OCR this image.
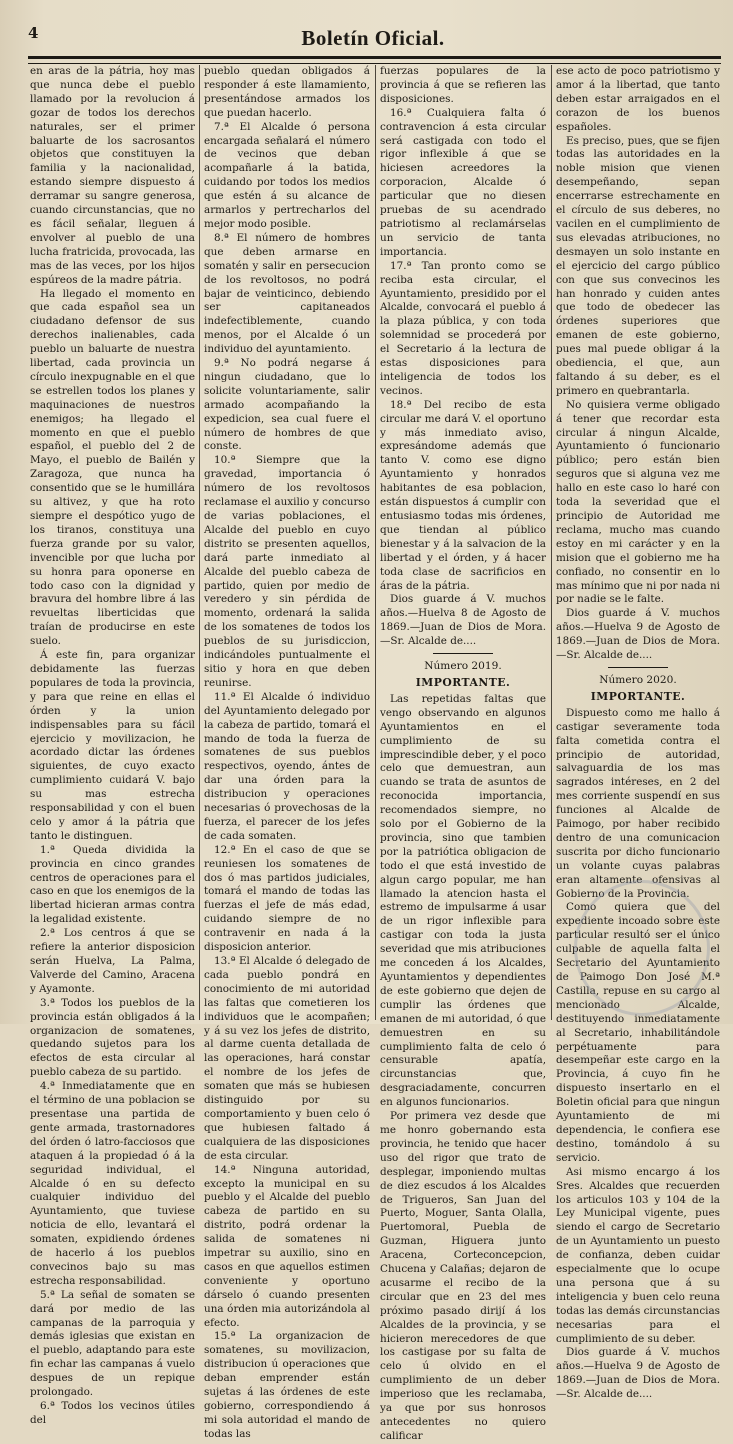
4	Boletín Oficial.

en aras de la pátria, hoy mas que nunca debe el pueblo llamado por la revolucion á gozar de todos los derechos naturales, ser el primer baluarte de los sacrosantos objetos que constituyen la familia y la nacionalidad, estando siempre dispuesto á derramar su sangre generosa, cuando circunstancias, que no es fácil señalar, lleguen á envolver al pueblo de una lucha fratricida, provocada, las mas de las veces, por los hijos espúreos de la madre pátria.

Ha llegado el momento en que cada español sea un ciudadano defensor de sus derechos inalienables, cada pueblo un baluarte de nuestra libertad, cada provincia un círculo inexpugnable en el que se estrellen todos los planes y maquinaciones de nuestros enemigos; ha llegado el momento en que el pueblo español, el pueblo del 2 de Mayo, el pueblo de Bailén y Zaragoza, que nunca ha consentido que se le humillára su altivez, y que ha roto siempre el despótico yugo de los tiranos, constituya una fuerza grande por su valor, invencible por que lucha por su honra para oponerse en todo caso con la dignidad y bravura del hombre libre á las revueltas liberticidas que traían de producirse en este suelo.

Á este fin, para organizar debidamente las fuerzas populares de toda la provincia, y para que reine en ellas el órden y la union indispensables para su fácil ejercicio y movilizacion, he acordado dictar las órdenes siguientes, de cuyo exacto cumplimiento cuidará V. bajo su mas estrecha responsabilidad y con el buen celo y amor á la pátria que tanto le distinguen.

1.ª Queda dividida la provincia en cinco grandes centros de operaciones para el caso en que los enemigos de la libertad hicieran armas contra la legalidad existente.

2.ª Los centros á que se refiere la anterior disposicion serán Huelva, La Palma, Valverde del Camino, Aracena y Ayamonte.

3.ª Todos los pueblos de la provincia están obligados á la organizacion de somatenes, quedando sujetos para los efectos de esta circular al pueblo cabeza de su partido.

4.ª Inmediatamente que en el término de una poblacion se presentase una partida de gente armada, trastornadores del órden ó latro-facciosos que ataquen á la propiedad ó á la seguridad individual, el Alcalde ó en su defecto cualquier individuo del Ayuntamiento, que tuviese noticia de ello, levantará el somaten, expidiendo órdenes de hacerlo á los pueblos convecinos bajo su mas estrecha responsabilidad.

5.ª La señal de somaten se dará por medio de las campanas de la parroquia y demás iglesias que existan en el pueblo, adaptando para este fin echar las campanas á vuelo despues de un repique prolongado.

6.ª Todos los vecinos útiles del

pueblo quedan obligados á responder á este llamamiento, presentándose armados los que puedan hacerlo.

7.ª El Alcalde ó persona encargada señalará el número de vecinos que deban acompañarle á la batida, cuidando por todos los medios que estén á su alcance de armarlos y pertrecharlos del mejor modo posible.

8.ª El número de hombres que deben armarse en somatén y salir en persecucion de los revoltosos, no podrá bajar de veinticinco, debiendo ser capitaneados indefectiblemente, cuando menos, por el Alcalde ó un individuo del ayuntamiento.

9.ª No podrá negarse á ningun ciudadano, que lo solicite voluntariamente, salir armado acompañando la expedicion, sea cual fuere el número de hombres de que conste.

10.ª Siempre que la gravedad, importancia ó número de los revoltosos reclamase el auxilio y concurso de varias poblaciones, el Alcalde del pueblo en cuyo distrito se presenten aquellos, dará parte inmediato al Alcalde del pueblo cabeza de partido, quien por medio de veredero y sin pérdida de momento, ordenará la salida de los somatenes de todos los pueblos de su jurisdiccion, indicándoles puntualmente el sitio y hora en que deben reunirse.

11.ª El Alcalde ó individuo del Ayuntamiento delegado por la cabeza de partido, tomará el mando de toda la fuerza de somatenes de sus pueblos respectivos, oyendo, ántes de dar una órden para la distribucion y operaciones necesarias ó provechosas de la fuerza, el parecer de los jefes de cada somaten.

12.ª En el caso de que se reuniesen los somatenes de dos ó mas partidos judiciales, tomará el mando de todas las fuerzas el jefe de más edad, cuidando siempre de no contravenir en nada á la disposicion anterior.

13.ª El Alcalde ó delegado de cada pueblo pondrá en conocimiento de mi autoridad las faltas que cometieren los individuos que le acompañen; y á su vez los jefes de distrito, al darme cuenta detallada de las operaciones, hará constar el nombre de los jefes de somaten que más se hubiesen distinguido por su comportamiento y buen celo ó que hubiesen faltado á cualquiera de las disposiciones de esta circular.

14.ª Ninguna autoridad, excepto la municipal en su pueblo y el Alcalde del pueblo cabeza de partido en su distrito, podrá ordenar la salida de somatenes ni impetrar su auxilio, sino en casos en que aquellos estimen conveniente y oportuno dárselo ó cuando presenten una órden mia autorizándola al efecto.

15.ª La organizacion de somatenes, su movilizacion, distribucion ú operaciones que deban emprender están sujetas á las órdenes de este gobierno, correspondiendo á mi sola autoridad el mando de todas las

fuerzas populares de la provincia á que se refieren las disposiciones.

16.ª Cualquiera falta ó contravencion á esta circular será castigada con todo el rigor inflexible á que se hiciesen acreedores la corporacion, Alcalde ó particular que no diesen pruebas de su acendrado patriotismo al reclamárselas un servicio de tanta importancia.

17.ª Tan pronto como se reciba esta circular, el Ayuntamiento, presidido por el Alcalde, convocará el pueblo á la plaza pública, y con toda solemnidad se procederá por el Secretario á la lectura de estas disposiciones para inteligencia de todos los vecinos.

18.ª Del recibo de esta circular me dará V. el oportuno y más inmediato aviso, expresándome además que tanto V. como ese digno Ayuntamiento y honrados habitantes de esa poblacion, están dispuestos á cumplir con entusiasmo todas mis órdenes, que tiendan al público bienestar y á la salvacion de la libertad y el órden, y á hacer toda clase de sacrificios en áras de la pátria.

Dios guarde á V. muchos años.—Huelva 8 de Agosto de 1869.—Juan de Dios de Mora.—Sr. Alcalde de....

Número 2019.
IMPORTANTE.

Las repetidas faltas que vengo observando en algunos Ayuntamientos en el cumplimiento de su imprescindible deber, y el poco celo que demuestran, aun cuando se trata de asuntos de reconocida importancia, recomendados siempre, no solo por el Gobierno de la provincia, sino que tambien por la patriótica obligacion de todo el que está investido de algun cargo popular, me han llamado la atencion hasta el estremo de impulsarme á usar de un rigor inflexible para castigar con toda la justa severidad que mis atribuciones me conceden á los Alcaldes, Ayuntamientos y dependientes de este gobierno que dejen de cumplir las órdenes que emanen de mi autoridad, ó que demuestren en su cumplimiento falta de celo ó censurable apatía, circunstancias que, desgraciadamente, concurren en algunos funcionarios.

Por primera vez desde que me honro gobernando esta provincia, he tenido que hacer uso del rigor que trato de desplegar, imponiendo multas de diez escudos á los Alcaldes de Trigueros, San Juan del Puerto, Moguer, Santa Olalla, Puertomoral, Puebla de Guzman, Higuera junto Aracena, Corteconcepcion, Chucena y Calañas; dejaron de acusarme el recibo de la circular que en 23 del mes próximo pasado dirijí á los Alcaldes de la provincia, y se hicieron merecedores de que los castigase por su falta de celo ú olvido en el cumplimiento de un deber imperioso que les reclamaba, ya que por sus honrosos antecedentes no quiero calificar

ese acto de poco patriotismo y amor á la libertad, que tanto deben estar arraigados en el corazon de los buenos españoles.

Es preciso, pues, que se fijen todas las autoridades en la noble mision que vienen desempeñando, sepan encerrarse estrechamente en el círculo de sus deberes, no vacilen en el cumplimiento de sus elevadas atribuciones, no desmayen un solo instante en el ejercicio del cargo público con que sus convecinos les han honrado y cuiden antes que todo de obedecer las órdenes superiores que emanen de este gobierno, pues mal puede obligar á la obediencia, el que, aun faltando á su deber, es el primero en quebrantarla.

No quisiera verme obligado á tener que recordar esta circular á ningun Alcalde, Ayuntamiento ó funcionario público; pero están bien seguros que si alguna vez me hallo en este caso lo haré con toda la severidad que el principio de Autoridad me reclama, mucho mas cuando estoy en mi carácter y en la mision que el gobierno me ha confiado, no consentir en lo mas mínimo que ni por nada ni por nadie se le falte.

Dios guarde á V. muchos años.—Huelva 9 de Agosto de 1869.—Juan de Dios de Mora.—Sr. Alcalde de....

Número 2020.
IMPORTANTE.

Dispuesto como me hallo á castigar severamente toda falta cometida contra el principio de autoridad, salvaguardia de los mas sagrados intéreses, en 2 del mes corriente suspendí en sus funciones al Alcalde de Paimogo, por haber recibido dentro de una comunicacion suscrita por dicho funcionario un volante cuyas palabras eran altamente ofensivas al Gobierno de la Provincia.

Como quiera que del expediente incoado sobre este particular resultó ser el único culpable de aquella falta el Secretario del Ayuntamiento de Paimogo Don José M.ª Castilla, repuse en su cargo al mencionado Alcalde, destituyendo inmediatamente al Secretario, inhabilitándole perpétuamente para desempeñar este cargo en la Provincia, á cuyo fin he dispuesto insertarlo en el Boletin oficial para que ningun Ayuntamiento de mi dependencia, le confiera ese destino, tomándolo á su servicio.

Asi mismo encargo á los Sres. Alcaldes que recuerden los articulos 103 y 104 de la Ley Municipal vigente, pues siendo el cargo de Secretario de un Ayuntamiento un puesto de confianza, deben cuidar especialmente que lo ocupe una persona que á su inteligencia y buen celo reuna todas las demás circunstancias necesarias para el cumplimiento de su deber.

Dios guarde á V. muchos años.—Huelva 9 de Agosto de 1869.—Juan de Dios de Mora.—Sr. Alcalde de....
